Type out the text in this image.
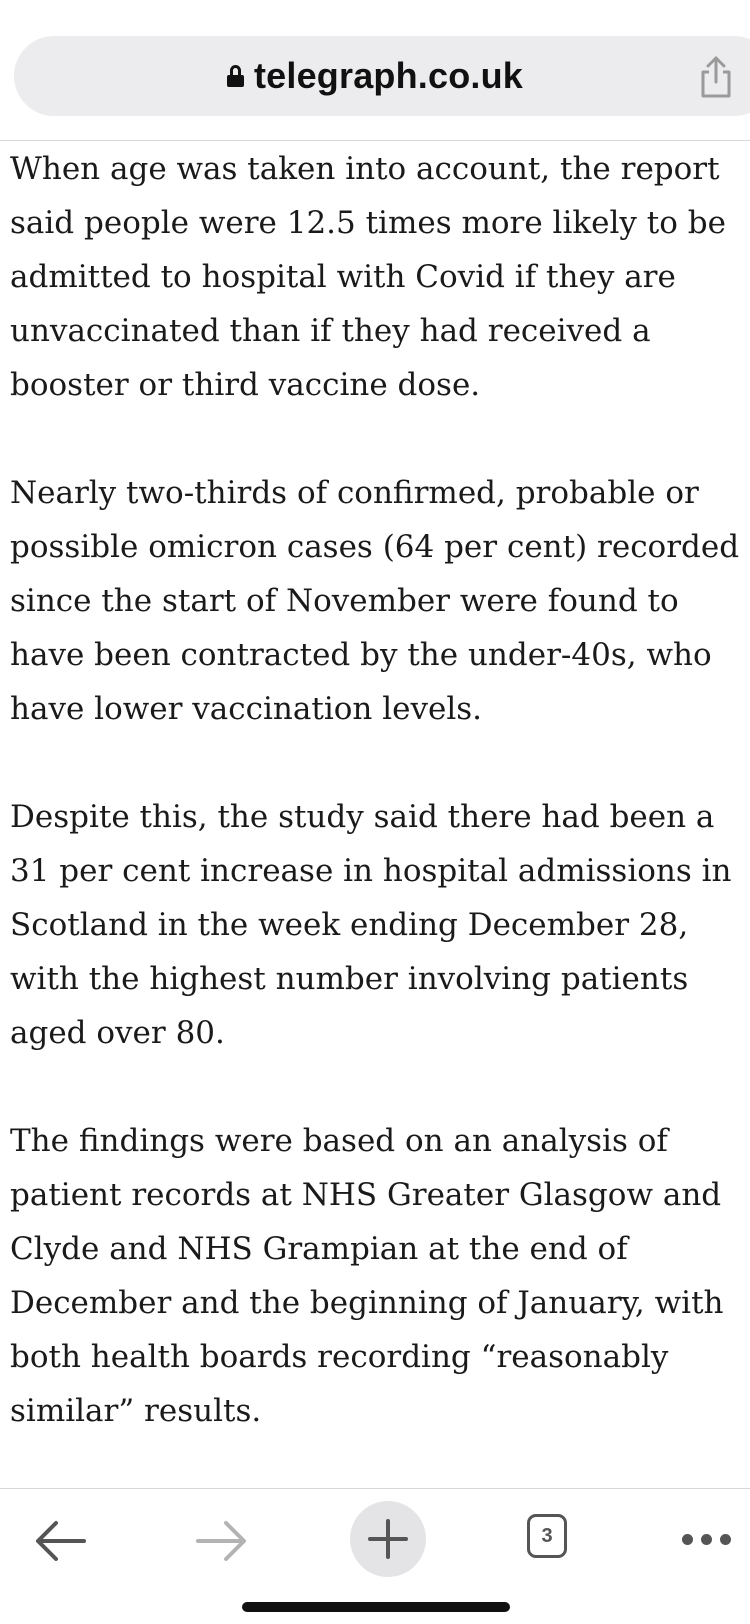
telegraph.co.uk

When age was taken into account, the report
said people were 12.5 times more likely to be
admitted to hospital with Covid if they are
unvaccinated than if they had received a
booster or third vaccine dose.

Nearly two-thirds of confirmed, probable or
possible omicron cases (64 per cent) recorded
since the start of November were found to
have been contracted by the under-40s, who
have lower vaccination levels.

Despite this, the study said there had been a
31 per cent increase in hospital admissions in
Scotland in the week ending December 28,
with the highest number involving patients
aged over 80.

The findings were based on an analysis of
patient records at NHS Greater Glasgow and
Clyde and NHS Grampian at the end of
December and the beginning of January, with
both health boards recording “reasonably
similar” results.

3
